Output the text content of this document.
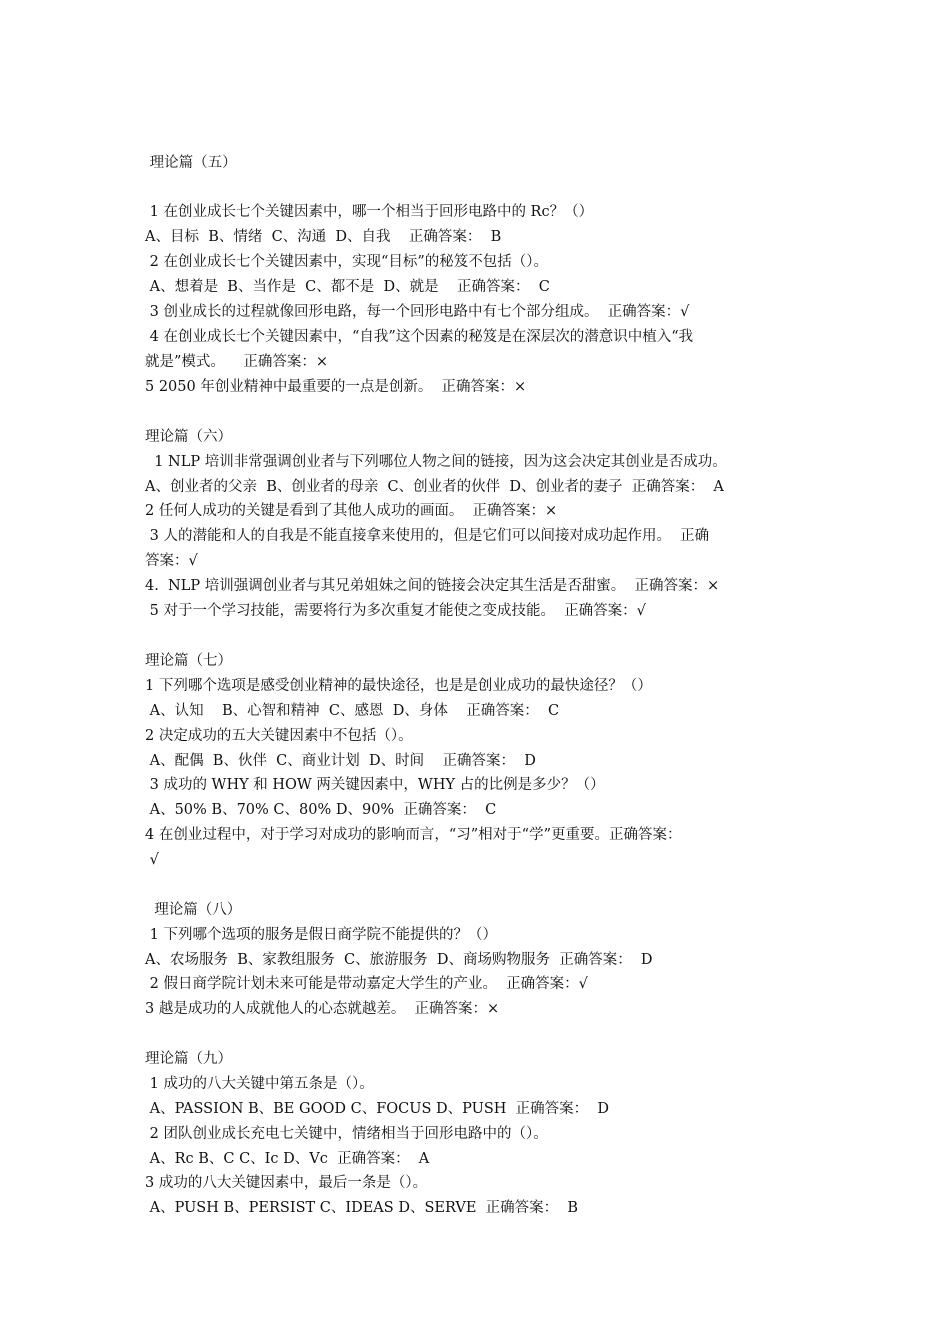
理论篇（五）
1 在创业成长七个关键因素中，哪一个相当于回形电路中的 Rc？（）
A、目标  B、情绪  C、沟通  D、自我    正确答案：  B
2 在创业成长七个关键因素中，实现“目标”的秘笈不包括（）。
A、想着是  B、当作是  C、都不是  D、就是    正确答案：  C
3 创业成长的过程就像回形电路，每一个回形电路中有七个部分组成。  正确答案：√
4 在创业成长七个关键因素中，“自我”这个因素的秘笈是在深层次的潜意识中植入“我
就是”模式。    正确答案：×
5 2050 年创业精神中最重要的一点是创新。  正确答案：×
理论篇（六）
1 NLP 培训非常强调创业者与下列哪位人物之间的链接，因为这会决定其创业是否成功。
A、创业者的父亲  B、创业者的母亲  C、创业者的伙伴  D、创业者的妻子  正确答案：  A
2 任何人成功的关键是看到了其他人成功的画面。  正确答案：×
3 人的潜能和人的自我是不能直接拿来使用的，但是它们可以间接对成功起作用。  正确
答案：√
4.  NLP 培训强调创业者与其兄弟姐妹之间的链接会决定其生活是否甜蜜。  正确答案：×
5 对于一个学习技能，需要将行为多次重复才能使之变成技能。  正确答案：√
理论篇（七）
1 下列哪个选项是感受创业精神的最快途径，也是是创业成功的最快途径？（）
A、认知    B、心智和精神  C、感恩  D、身体    正确答案：  C
2 决定成功的五大关键因素中不包括（）。
A、配偶  B、伙伴  C、商业计划  D、时间    正确答案：  D
3 成功的 WHY 和 HOW 两关键因素中，WHY 占的比例是多少？（）
A、50% B、70% C、80% D、90%  正确答案：  C
4 在创业过程中，对于学习对成功的影响而言，“习”相对于“学”更重要。正确答案：
√
理论篇（八）
1 下列哪个选项的服务是假日商学院不能提供的？（）
A、农场服务  B、家教组服务  C、旅游服务  D、商场购物服务  正确答案：  D
2 假日商学院计划未来可能是带动嘉定大学生的产业。  正确答案：√
3 越是成功的人成就他人的心态就越差。  正确答案：×
理论篇（九）
1 成功的八大关键中第五条是（）。
A、PASSION B、BE GOOD C、FOCUS D、PUSH  正确答案：  D
2 团队创业成长充电七关键中，情绪相当于回形电路中的（）。
A、Rc B、C C、Ic D、Vc  正确答案：  A
3 成功的八大关键因素中，最后一条是（）。
A、PUSH B、PERSIST C、IDEAS D、SERVE  正确答案：  B
